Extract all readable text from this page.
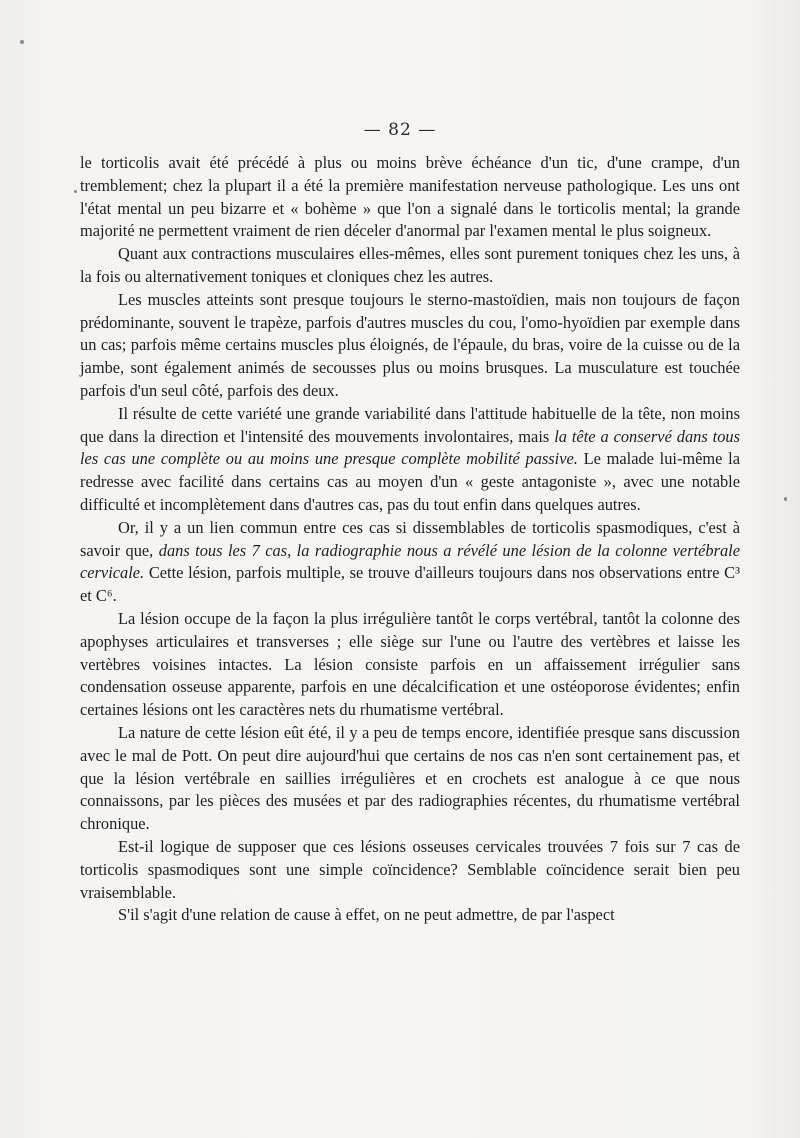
— 82 —

le torticolis avait été précédé à plus ou moins brève échéance d'un tic, d'une crampe, d'un tremblement; chez la plupart il a été la première manifestation nerveuse pathologique. Les uns ont l'état mental un peu bizarre et « bohème » que l'on a signalé dans le torticolis mental; la grande majorité ne permettent vraiment de rien déceler d'anormal par l'examen mental le plus soigneux.

Quant aux contractions musculaires elles-mêmes, elles sont purement toniques chez les uns, à la fois ou alternativement toniques et cloniques chez les autres.

Les muscles atteints sont presque toujours le sterno-mastoïdien, mais non toujours de façon prédominante, souvent le trapèze, parfois d'autres muscles du cou, l'omo-hyoïdien par exemple dans un cas; parfois même certains muscles plus éloignés, de l'épaule, du bras, voire de la cuisse ou de la jambe, sont également animés de secousses plus ou moins brusques. La musculature est touchée parfois d'un seul côté, parfois des deux.

Il résulte de cette variété une grande variabilité dans l'attitude habituelle de la tête, non moins que dans la direction et l'intensité des mouvements involontaires, mais la tête a conservé dans tous les cas une complète ou au moins une presque complète mobilité passive. Le malade lui-même la redresse avec facilité dans certains cas au moyen d'un « geste antagoniste », avec une notable difficulté et incomplètement dans d'autres cas, pas du tout enfin dans quelques autres.

Or, il y a un lien commun entre ces cas si dissemblables de torticolis spasmodiques, c'est à savoir que, dans tous les 7 cas, la radiographie nous a révélé une lésion de la colonne vertébrale cervicale. Cette lésion, parfois multiple, se trouve d'ailleurs toujours dans nos observations entre C³ et C⁶.

La lésion occupe de la façon la plus irrégulière tantôt le corps vertébral, tantôt la colonne des apophyses articulaires et transverses ; elle siège sur l'une ou l'autre des vertèbres et laisse les vertèbres voisines intactes. La lésion consiste parfois en un affaissement irrégulier sans condensation osseuse apparente, parfois en une décalcification et une ostéoporose évidentes; enfin certaines lésions ont les caractères nets du rhumatisme vertébral.

La nature de cette lésion eût été, il y a peu de temps encore, identifiée presque sans discussion avec le mal de Pott. On peut dire aujourd'hui que certains de nos cas n'en sont certainement pas, et que la lésion vertébrale en saillies irrégulières et en crochets est analogue à ce que nous connaissons, par les pièces des musées et par des radiographies récentes, du rhumatisme vertébral chronique.

Est-il logique de supposer que ces lésions osseuses cervicales trouvées 7 fois sur 7 cas de torticolis spasmodiques sont une simple coïncidence? Semblable coïncidence serait bien peu vraisemblable.

S'il s'agit d'une relation de cause à effet, on ne peut admettre, de par l'aspect
